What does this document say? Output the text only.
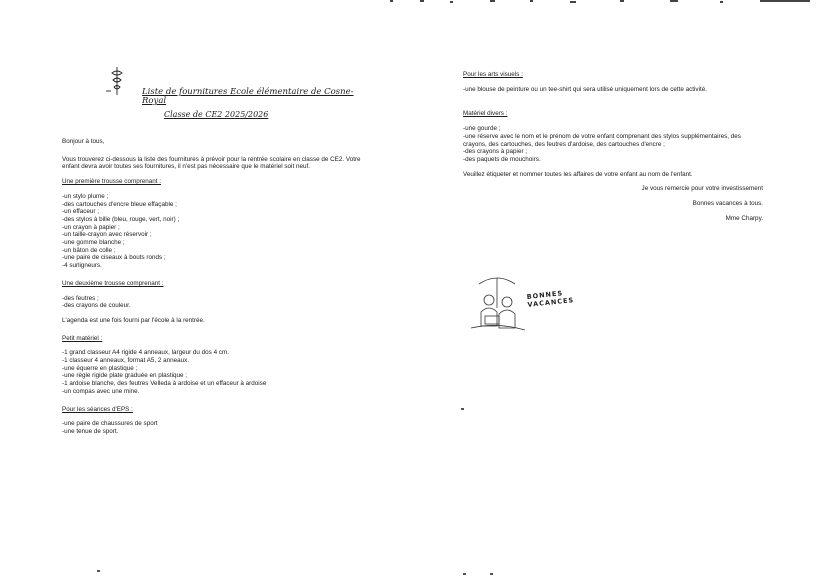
Liste de fournitures Ecole élémentaire de Cosne-Royal
Classe de CE2 2025/2026

Bonjour à tous,

Vous trouverez ci-dessous la liste des fournitures à prévoir pour la rentrée scolaire en classe de CE2. Votre enfant devra avoir toutes ses fournitures, il n'est pas nécessaire que le matériel soit neuf.

Une première trousse comprenant :

-un stylo plume ;

-des cartouches d'encre bleue effaçable ;

-un effaceur ;

-des stylos à bille (bleu, rouge, vert, noir) ;

-un crayon à papier ;

-un taille-crayon avec réservoir ;

-une gomme blanche ;

-un bâton de colle ;

-une paire de ciseaux à bouts ronds ;

-4 surligneurs.

Une deuxième trousse comprenant :

-des feutres ;

-des crayons de couleur.

L'agenda est une fois fourni par l'école à la rentrée.

Petit matériel :

-1 grand classeur A4 rigide 4 anneaux, largeur du dos 4 cm.

-1 classeur 4 anneaux, format A5, 2 anneaux.

-une équerre en plastique ;

-une règle rigide plate graduée en plastique ;

-1 ardoise blanche, des feutres Velleda à ardoise et un effaceur à ardoise

-un compas avec une mine.

Pour les séances d'EPS :

-une paire de chaussures de sport

-une tenue de sport.

Pour les arts visuels :

-une blouse de peinture ou un tee-shirt qui sera utilisé uniquement lors de cette activité.

Matériel divers :

-une gourde ;

-une réserve avec le nom et le prénom de votre enfant comprenant des stylos supplémentaires, des crayons, des cartouches, des feutres d'ardoise, des cartouches d'encre ;

-des crayons à papier ;

-des paquets de mouchoirs.

Veuillez étiqueter et nommer toutes les affaires de votre enfant au nom de l'enfant.

Je vous remercie pour votre investissement

Bonnes vacances à tous.

Mme Charpy.

BONNES VACANCES
